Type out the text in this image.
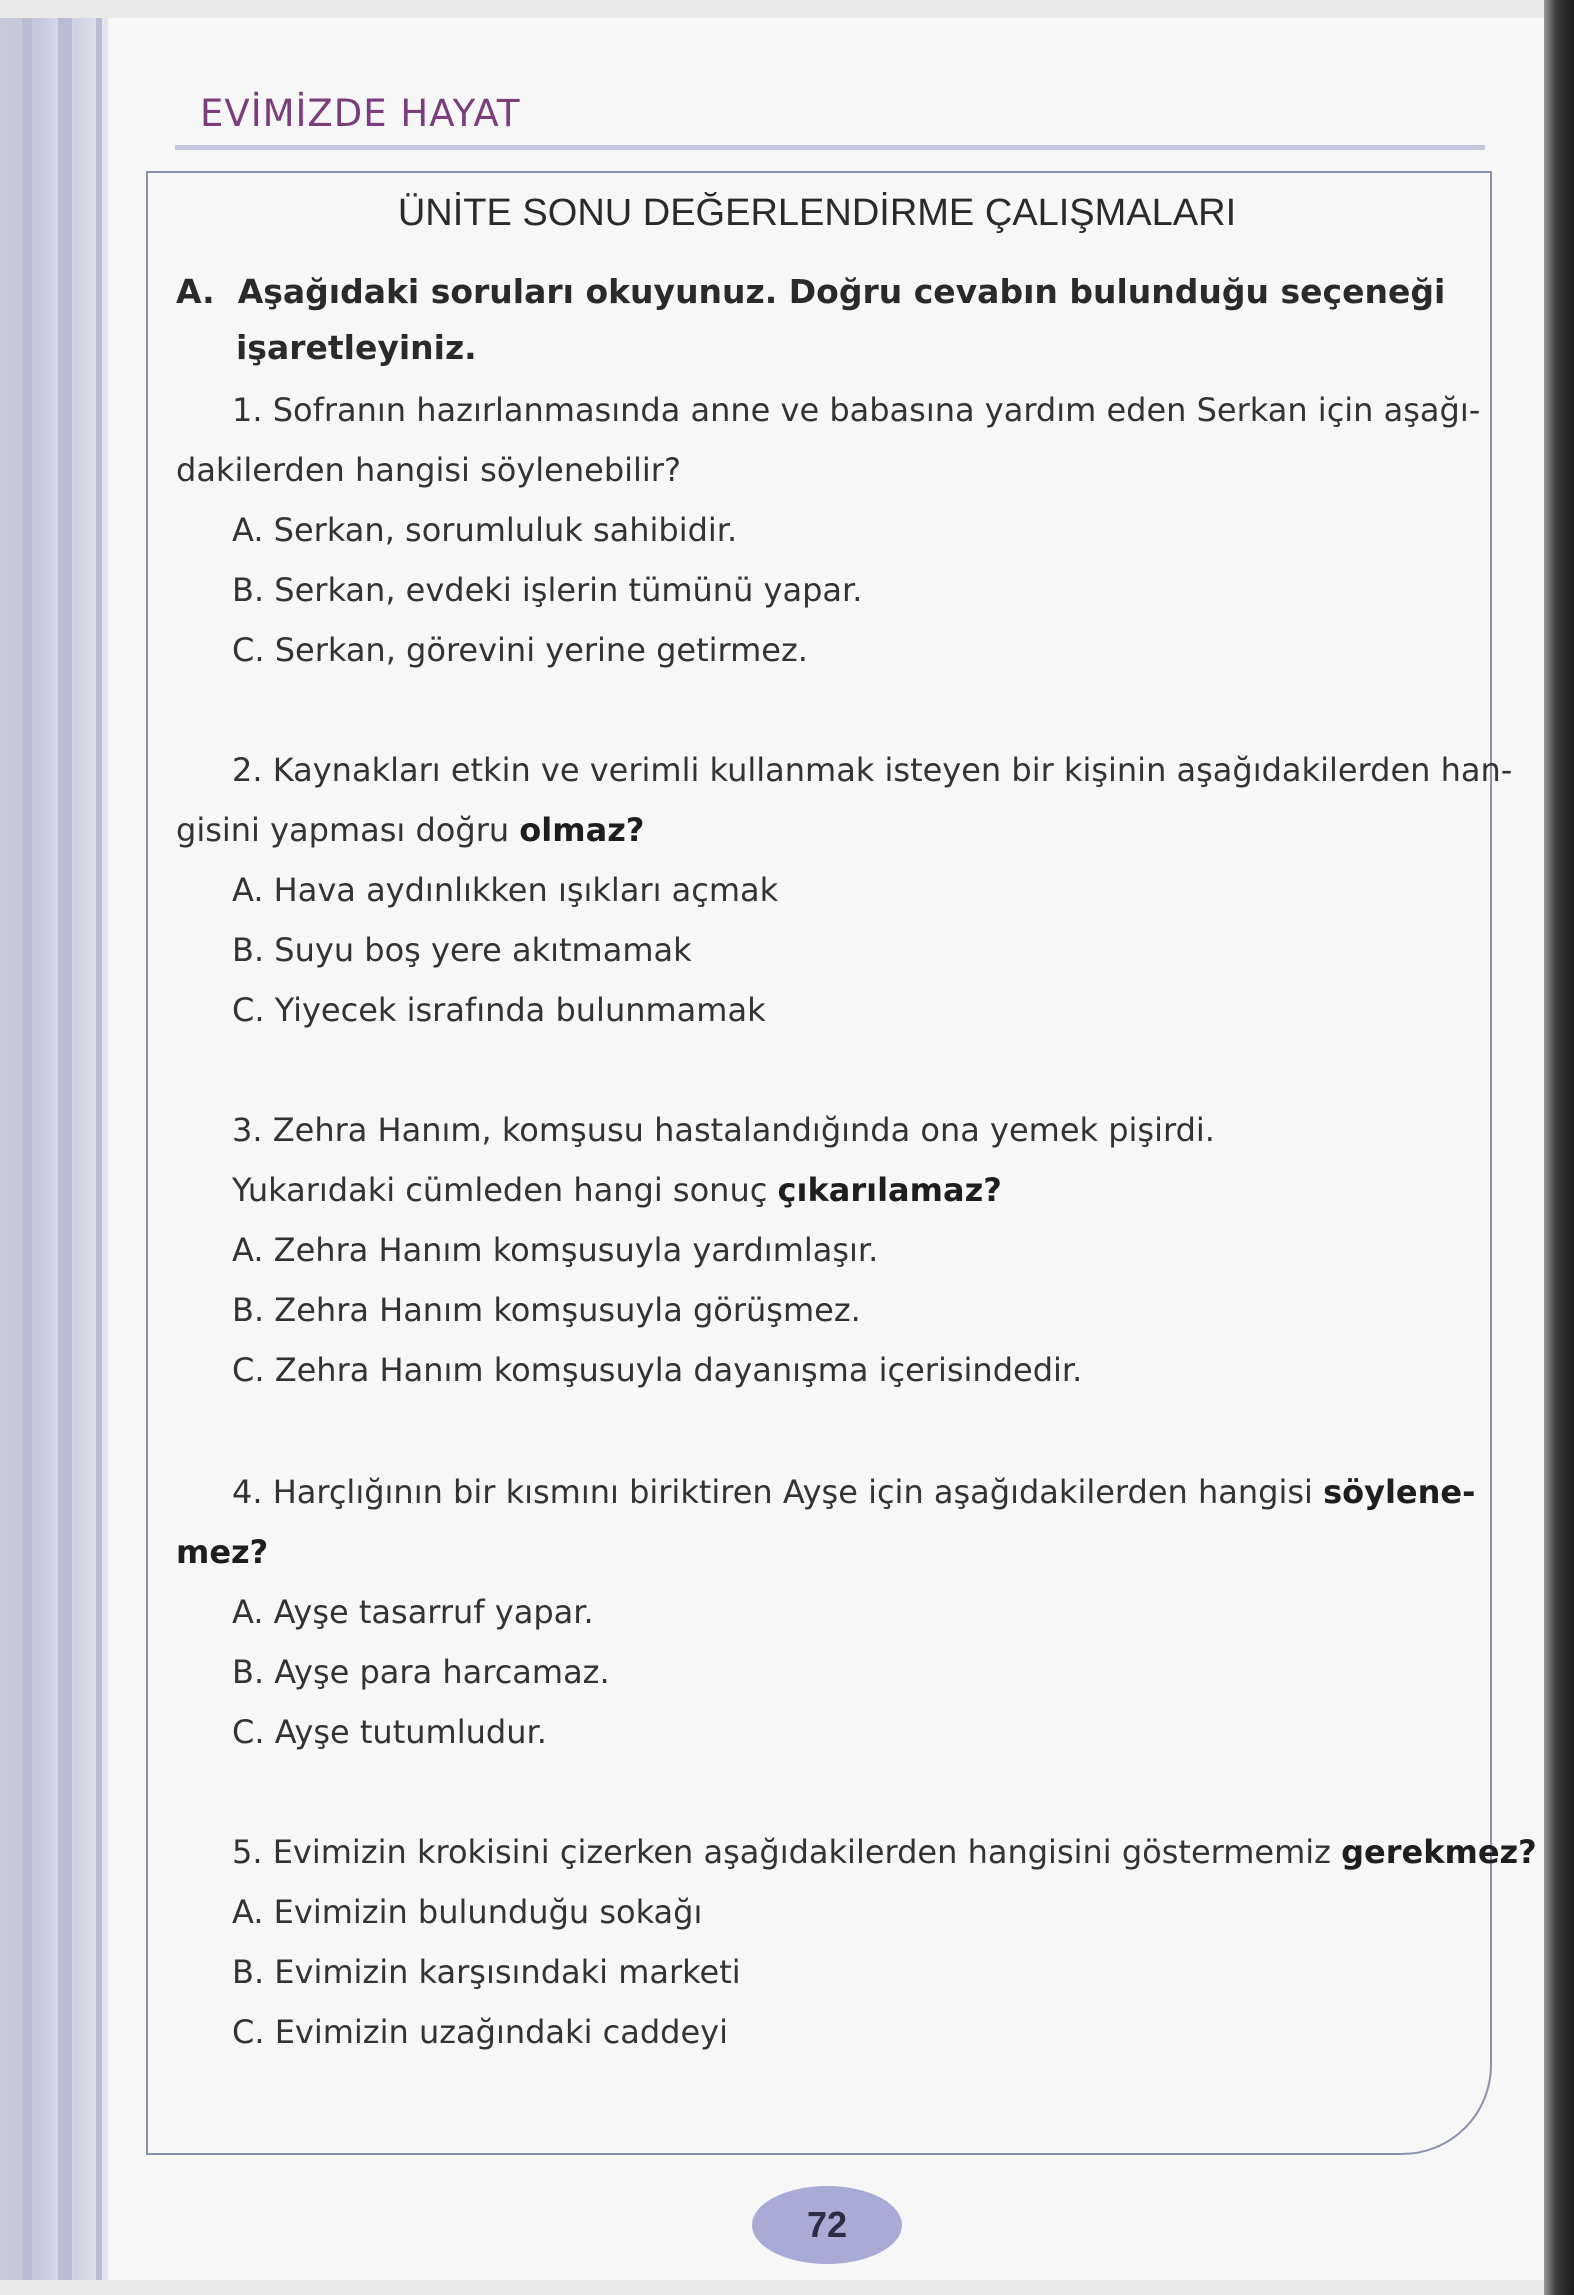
EVİMİZDE HAYAT
ÜNİTE SONU DEĞERLENDİRME ÇALIŞMALARI
A. Aşağıdaki soruları okuyunuz. Doğru cevabın bulunduğu seçeneği
işaretleyiniz.
1. Sofranın hazırlanmasında anne ve babasına yardım eden Serkan için aşağı-
dakilerden hangisi söylenebilir?
A. Serkan, sorumluluk sahibidir.
B. Serkan, evdeki işlerin tümünü yapar.
C. Serkan, görevini yerine getirmez.
2. Kaynakları etkin ve verimli kullanmak isteyen bir kişinin aşağıdakilerden han-
gisini yapması doğru olmaz?
A. Hava aydınlıkken ışıkları açmak
B. Suyu boş yere akıtmamak
C. Yiyecek israfında bulunmamak
3. Zehra Hanım, komşusu hastalandığında ona yemek pişirdi.
Yukarıdaki cümleden hangi sonuç çıkarılamaz?
A. Zehra Hanım komşusuyla yardımlaşır.
B. Zehra Hanım komşusuyla görüşmez.
C. Zehra Hanım komşusuyla dayanışma içerisindedir.
4. Harçlığının bir kısmını biriktiren Ayşe için aşağıdakilerden hangisi söylene-
mez?
A. Ayşe tasarruf yapar.
B. Ayşe para harcamaz.
C. Ayşe tutumludur.
5. Evimizin krokisini çizerken aşağıdakilerden hangisini göstermemiz gerekmez?
A. Evimizin bulunduğu sokağı
B. Evimizin karşısındaki marketi
C. Evimizin uzağındaki caddeyi
72
